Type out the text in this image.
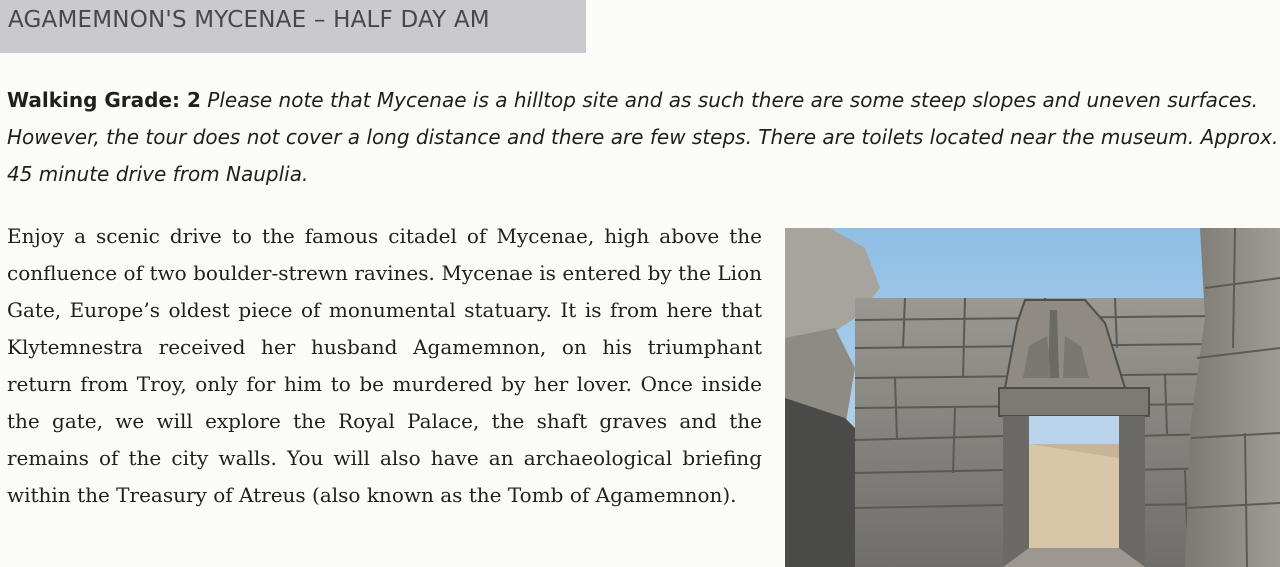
AGAMEMNON'S MYCENAE – HALF DAY AM
Walking Grade: 2 Please note that Mycenae is a hilltop site and as such there are some steep slopes and uneven surfaces. However, the tour does not cover a long distance and there are few steps. There are toilets located near the museum. Approx. 45 minute drive from Nauplia.
Enjoy a scenic drive to the famous citadel of Mycenae, high above the confluence of two boulder-strewn ravines. Mycenae is entered by the Lion Gate, Europe’s oldest piece of monumental statuary. It is from here that Klytemnestra received her husband Agamemnon, on his triumphant return from Troy, only for him to be murdered by her lover. Once inside the gate, we will explore the Royal Palace, the shaft graves and the remains of the city walls. You will also have an archaeological briefing within the Treasury of Atreus (also known as the Tomb of Agamemnon).
